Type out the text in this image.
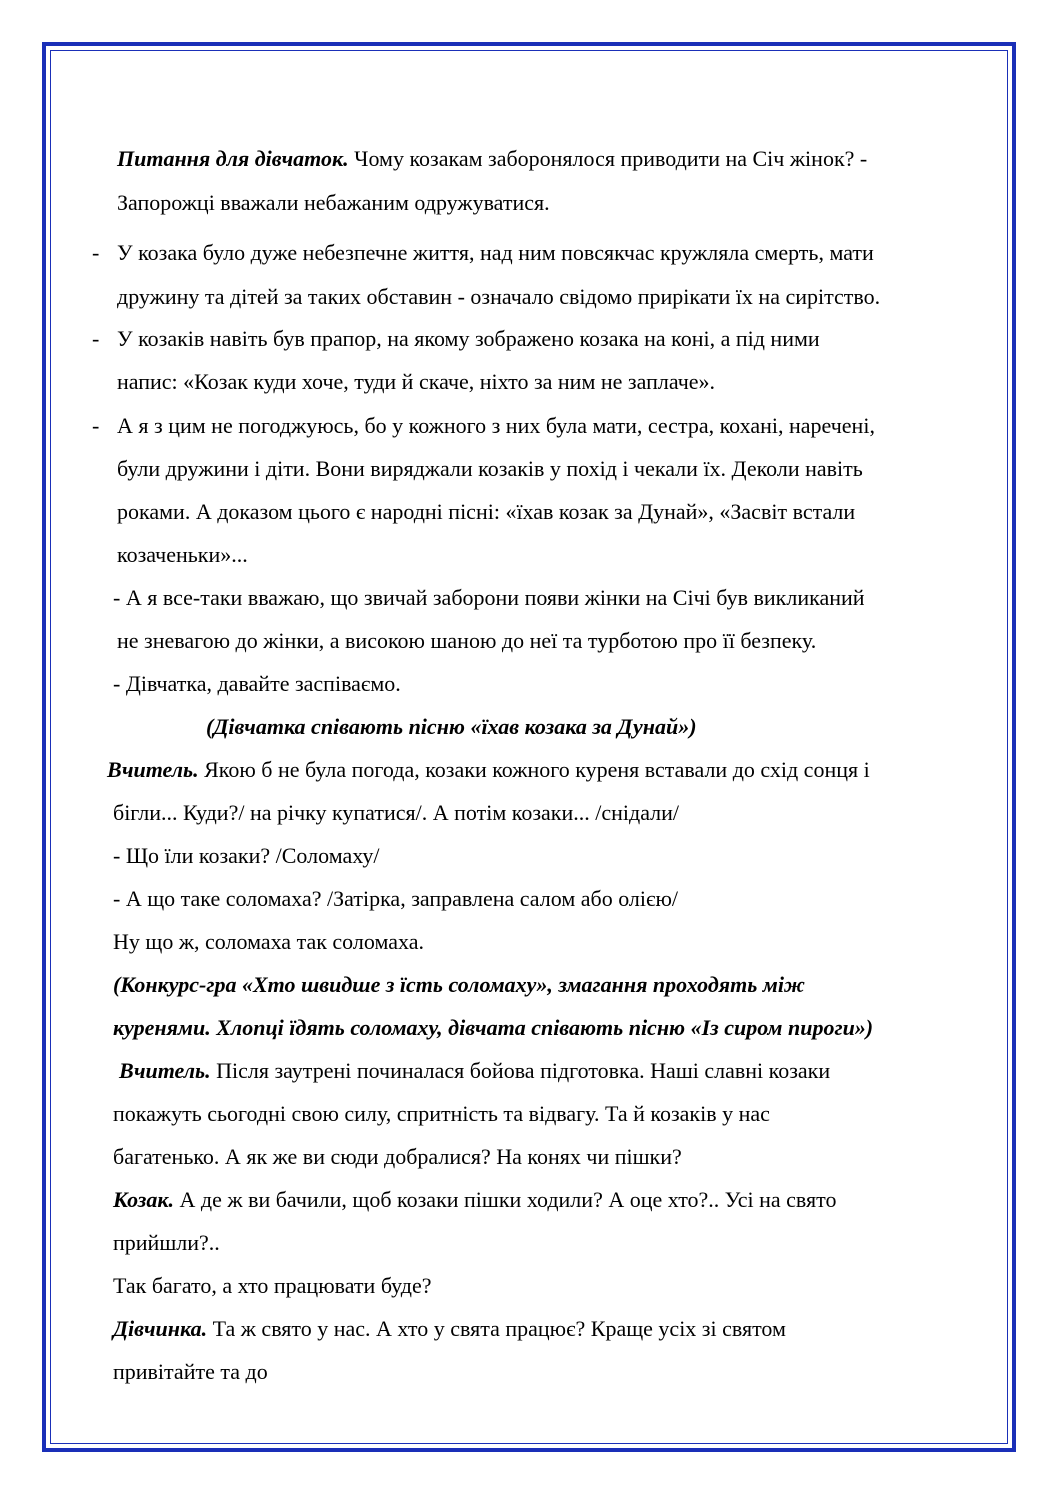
Питання для дівчаток. Чому козакам заборонялося приводити на Січ жінок? -
Запорожці вважали небажаним одружуватися.
- У козака було дуже небезпечне життя, над ним повсякчас кружляла смерть, мати
дружину та дітей за таких обставин - означало свідомо прирікати їх на сирітство.
- У козаків навіть був прапор, на якому зображено козака на коні, а під ними
напис: «Козак куди хоче, туди й скаче, ніхто за ним не заплаче».
- А я з цим не погоджуюсь, бо у кожного з них була мати, сестра, кохані, наречені,
були дружини і діти. Вони виряджали козаків у похід і чекали їх. Деколи навіть
роками. А доказом цього є народні пісні: «їхав козак за Дунай», «Засвіт встали
козаченьки»...
- А я все-таки вважаю, що звичай заборони появи жінки на Січі був викликаний
не зневагою до жінки, а високою шаною до неї та турботою про її безпеку.
- Дівчатка, давайте заспіваємо.
(Дівчатка співають пісню «їхав козака за Дунай»)
Вчитель. Якою б не була погода, козаки кожного куреня вставали до схід сонця і
бігли... Куди?/ на річку купатися/. А потім козаки... /снідали/
- Що їли козаки? /Соломаху/
- А що таке соломаха? /Затірка, заправлена салом або олією/
Ну що ж, соломаха так соломаха.
(Конкурс-гра «Хто швидше з їсть соломаху», змагання проходять між
куренями. Хлопці їдять соломаху, дівчата співають пісню «Із сиром пироги»)
Вчитель. Після заутрені починалася бойова підготовка. Наші славні козаки
покажуть сьогодні свою силу, спритність та відвагу. Та й козаків у нас
багатенько. А як же ви сюди добралися? На конях чи пішки?
Козак. А де ж ви бачили, щоб козаки пішки ходили? А оце хто?.. Усі на свято
прийшли?..
Так багато, а хто працювати буде?
Дівчинка. Та ж свято у нас. А хто у свята працює? Краще усіх зі святом
привітайте та до
